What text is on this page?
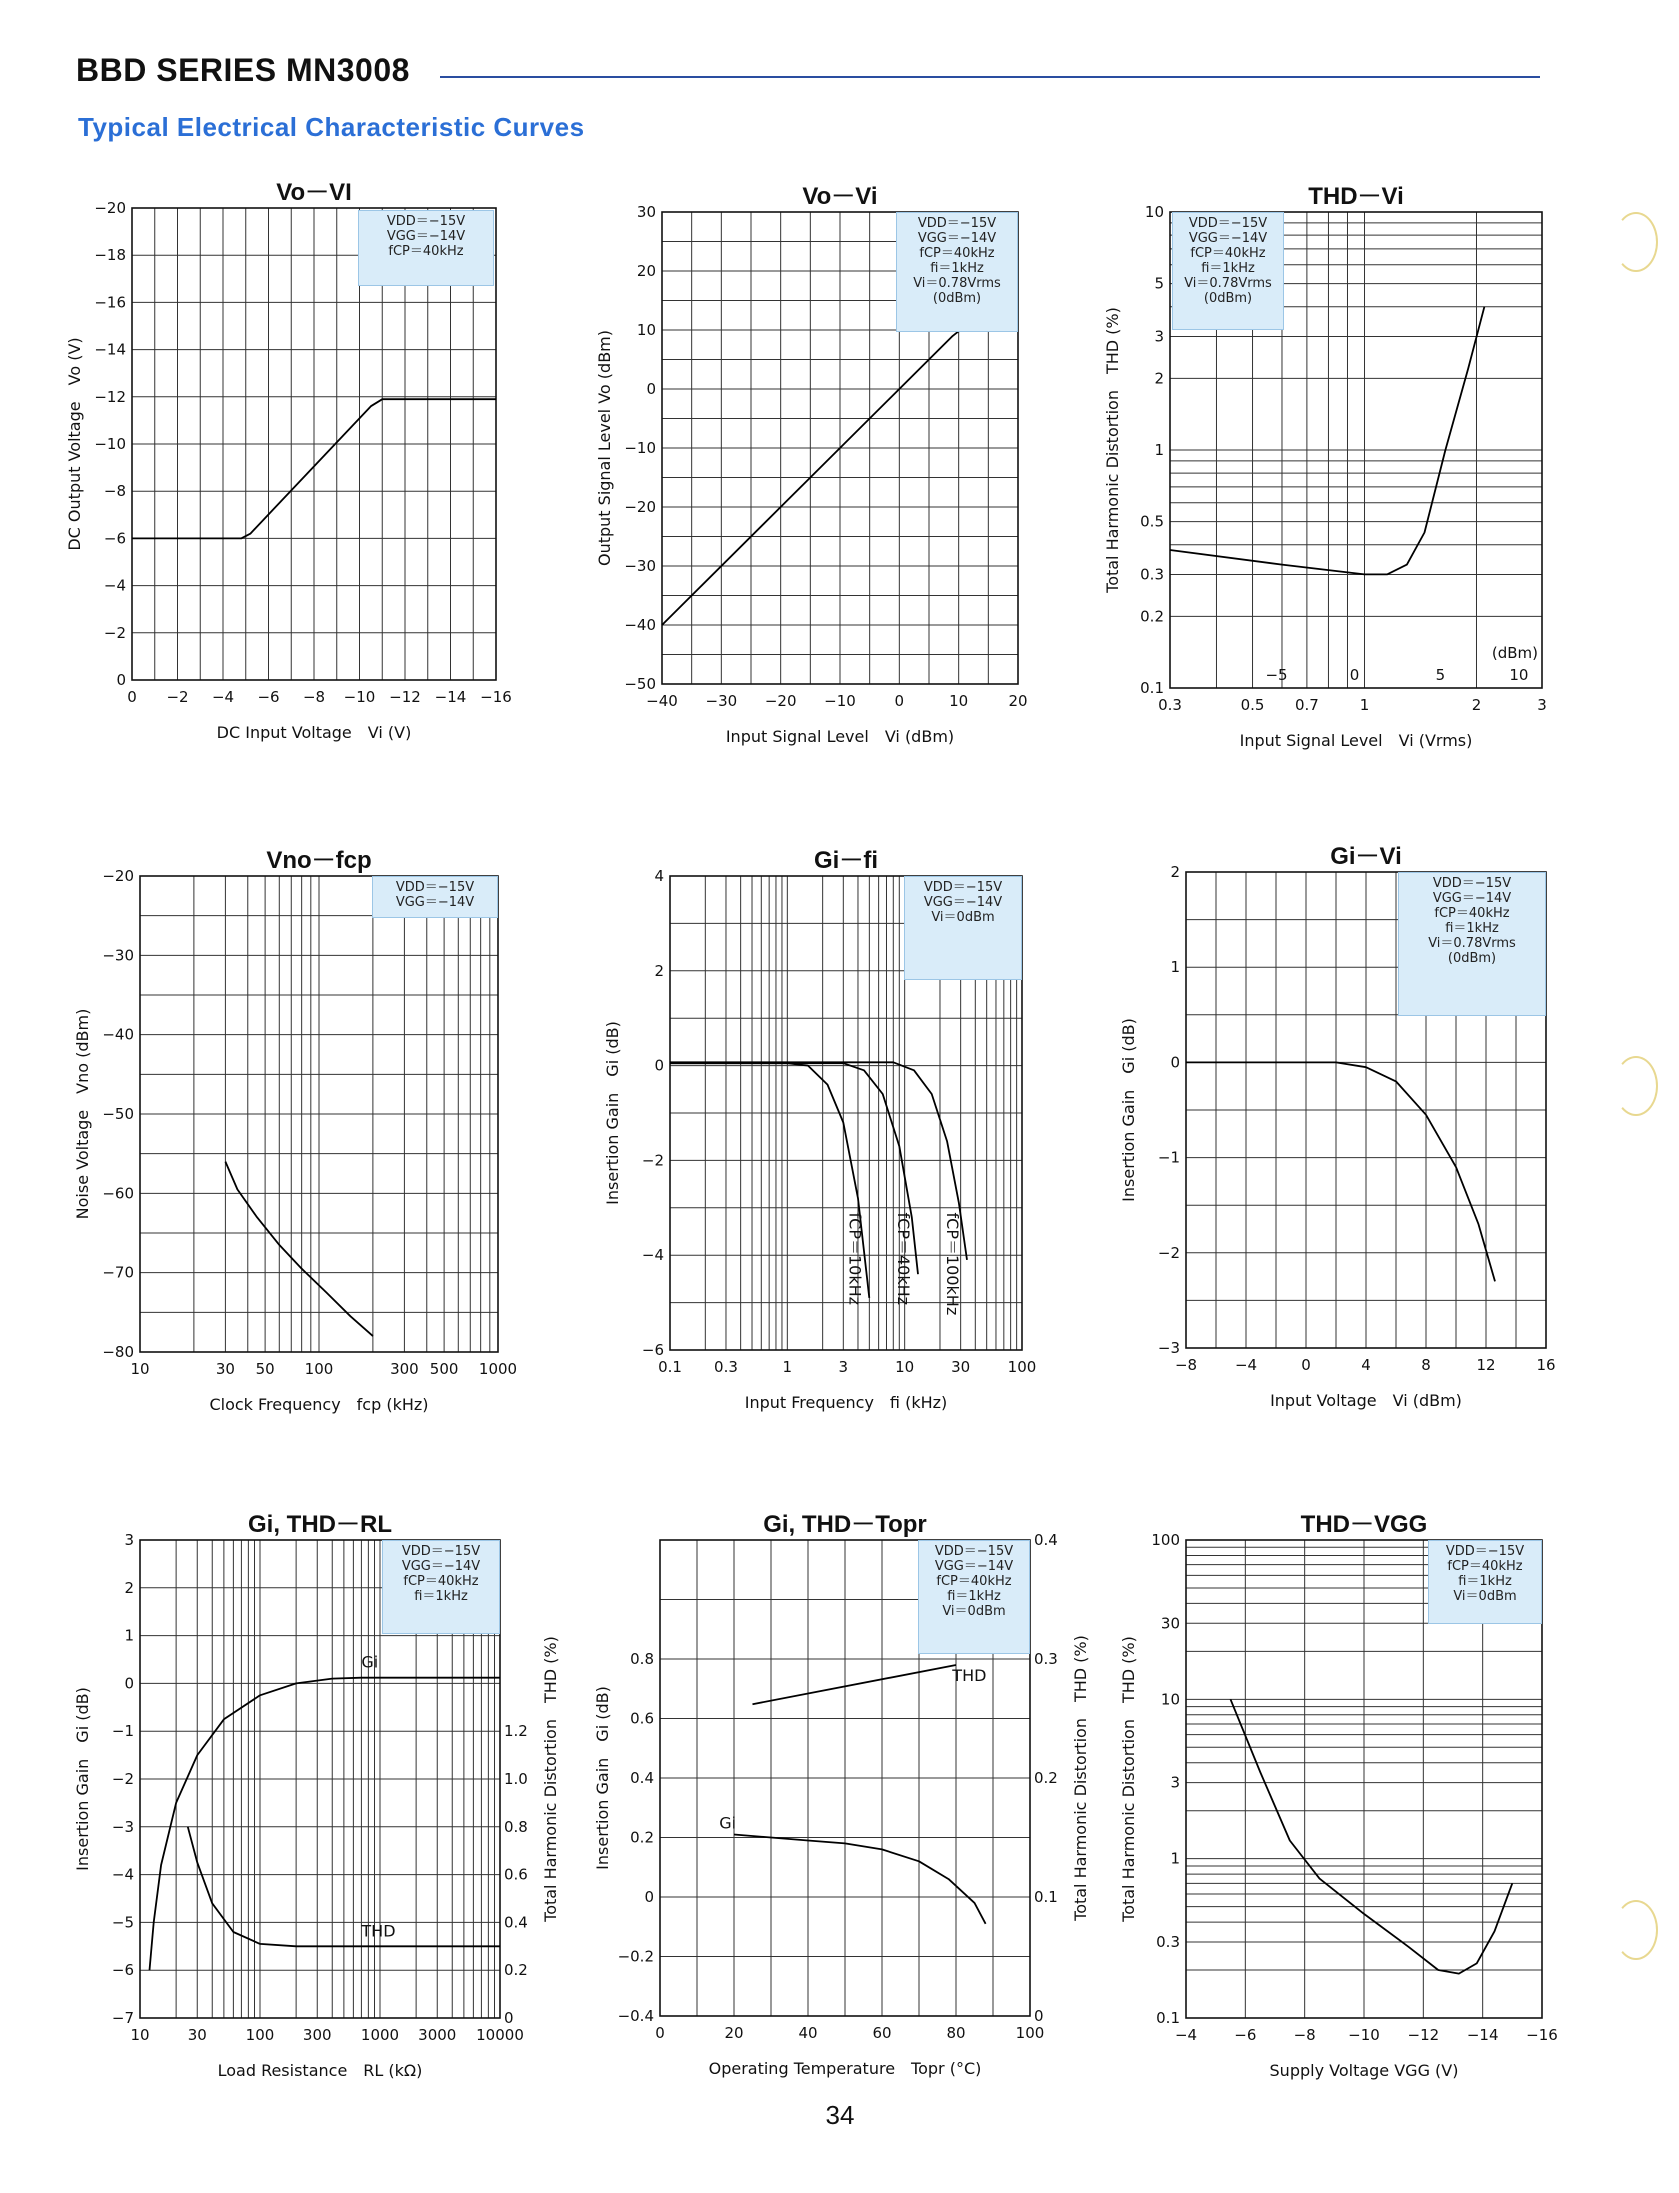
BBD SERIES MN3008
Typical Electrical Characteristic Curves
Vo－VI
0 −2 −4 −6 −8 −10 −12 −14 −16
0
−2
−4
−6
−8
−10
−12
−14
−16
−18
−20
DC Input Voltage　Vi (V)
DC Output Voltage　Vo (V)
VDD＝−15V
VGG＝−14V
fCP＝40kHz
Vo－Vi
−40 −30 −20 −10	0	10	20
−50
−40
−30
−20
−10
0
10
20
30
Input Signal Level　Vi (dBm)
Output Signal Level Vo (dBm)
VDD＝−15V
VGG＝−14V
fCP＝40kHz
fi＝1kHz
Vi＝0.78Vrms
(0dBm)
THD－Vi
0.3	0.5 0.7	1	2	3
0.1
0.2
0.3
0.5
1
2
3
5
10
−5	0	5	10
(dBm)
Input Signal Level　Vi (Vrms)
Total Harmonic Distortion　THD (%)
VDD＝−15V
VGG＝−14V
fCP＝40kHz
fi＝1kHz
Vi＝0.78Vrms
(0dBm)
Vno－fcp
10	30 50 100	300 500 1000
−80
−70
−60
−50
−40
−30
−20
Clock Frequency　fcp (kHz)
Noise Voltage　Vno (dBm)
VDD＝−15V
VGG＝−14V
Gi－fi
0.1 0.3	1	3	10 30 100
−6
−4
−2
0
2
4
Input Frequency　fi (kHz)
Insertion Gain　Gi (dB)
fCP＝10kHz fCP＝40kHz fCP＝100kHz
VDD＝−15V
VGG＝−14V
Vi＝0dBm
Gi－Vi
−8	−4	0	4	8	12	16
−3
−2
−1
0
1
2
Input Voltage　Vi (dBm)
Insertion Gain　Gi (dB)
VDD＝−15V
VGG＝−14V
fCP＝40kHz
fi＝1kHz
Vi＝0.78Vrms
(0dBm)
Gi, THD－RL
10	30	100 300 1000 3000 10000
−7
−6
−5
−4
−3
−2
−1
0
1
2
3
0
0.2
0.4
0.6
0.8
1.0
1.2
Load Resistance　RL (kΩ)
Insertion Gain　Gi (dB)	Total Harmonic Distortion　THD (%)
Gi
THD
VDD＝−15V
VGG＝−14V
fCP＝40kHz
fi＝1kHz
Gi, THD－Topr
0	20	40	60	80	100
−0.4
−0.2
0
0.2
0.4
0.6
0.8
0
0.1
0.2
0.3
0.4
Operating Temperature　Topr (°C)
Insertion Gain　Gi (dB)	Total Harmonic Distortion　THD (%)
THD
Gi
VDD＝−15V
VGG＝−14V
fCP＝40kHz
fi＝1kHz
Vi＝0dBm
THD－VGG
−4 −6 −8 −10 −12 −14 −16
0.1
0.3
1
3
10
30
100
Supply Voltage VGG (V)
Total Harmonic Distortion　THD (%)
VDD＝−15V
fCP＝40kHz
fi＝1kHz
Vi＝0dBm
34
